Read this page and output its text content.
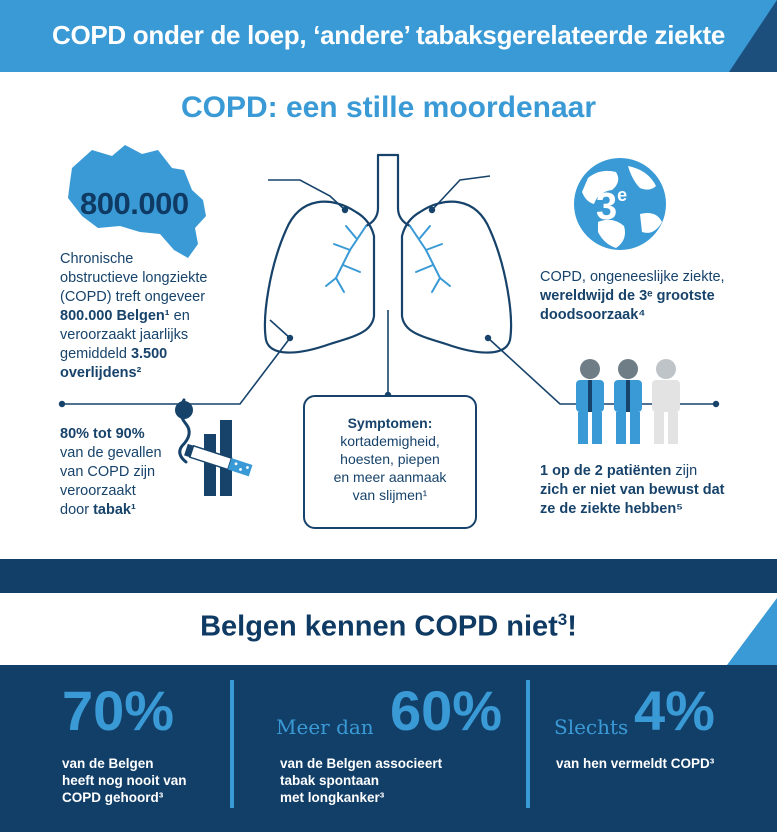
COPD onder de loep, ‘andere’ tabaksgerelateerde ziekte
COPD: een stille moordenaar
800.000	3e
Chronische
obstructieve longziekte
(COPD) treft ongeveer
800.000 Belgen¹ en
veroorzaakt jaarlijks
gemiddeld 3.500
overlijdens²
COPD, ongeneeslijke ziekte,
wereldwijd de 3ᵉ grootste
doodsoorzaak⁴
80% tot 90%
van de gevallen
van COPD zijn
veroorzaakt
door tabak¹
Symptomen:
kortademigheid,
hoesten, piepen
en meer aanmaak
van slijmen¹
1 op de 2 patiënten zijn
zich er niet van bewust dat
ze de ziekte hebben⁵
Belgen kennen COPD niet$^3$!
70%
van de Belgen
heeft nog nooit van
COPD gehoord³
Meer dan 60%
van de Belgen associeert
tabak spontaan
met longkanker³
Slechts 4%
van hen vermeldt COPD³
